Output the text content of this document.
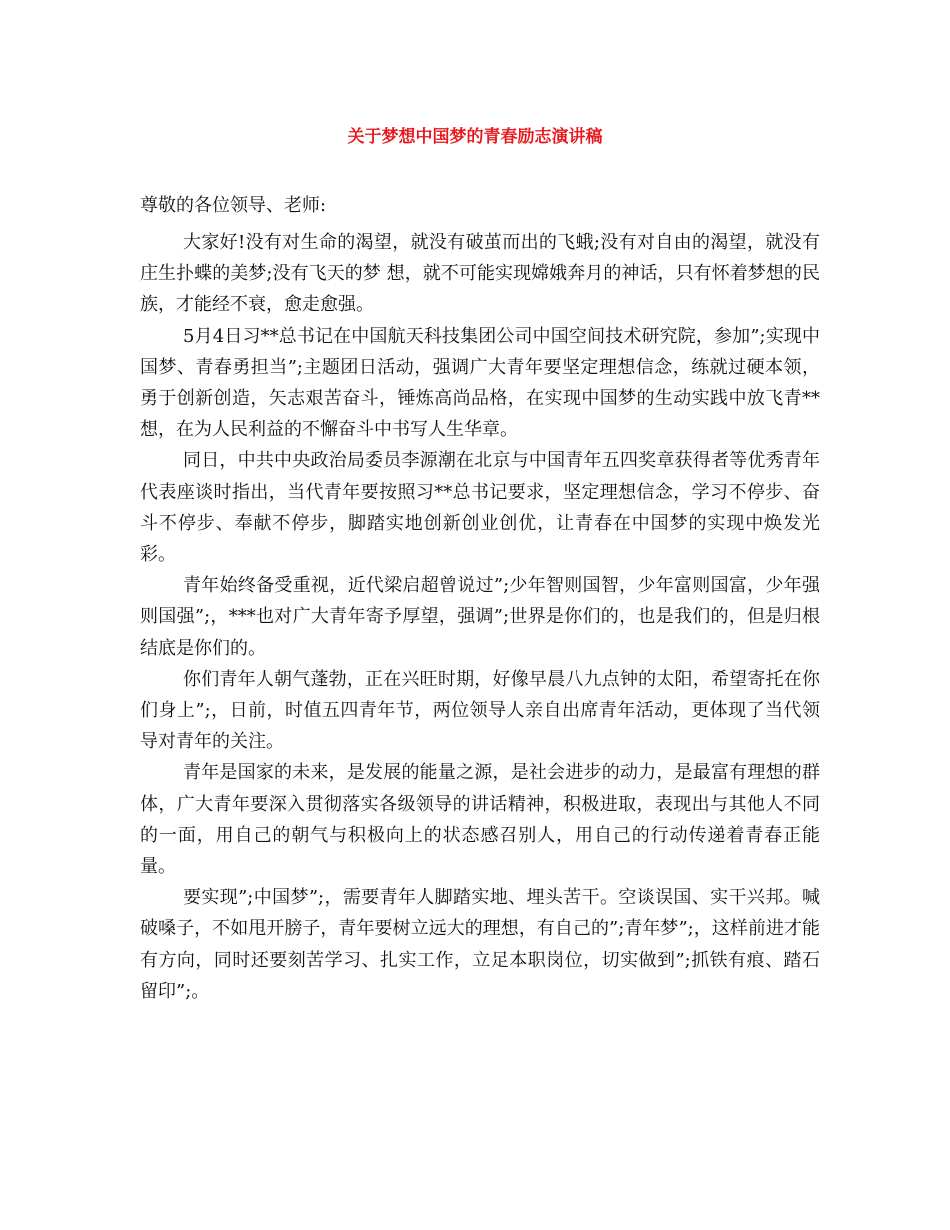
关于梦想中国梦的青春励志演讲稿

尊敬的各位领导、老师:

大家好!没有对生命的渴望，就没有破茧而出的飞蛾;没有对自由的渴望，就没有庄生扑蝶的美梦;没有飞天的梦 想，就不可能实现嫦娥奔月的神话，只有怀着梦想的民族，才能经不衰，愈走愈强。

5月4日习**总书记在中国航天科技集团公司中国空间技术研究院，参加”;实现中国梦、青春勇担当”;主题团日活动，强调广大青年要坚定理想信念，练就过硬本领，勇于创新创造，矢志艰苦奋斗，锤炼高尚品格，在实现中国梦的生动实践中放飞青**想，在为人民利益的不懈奋斗中书写人生华章。

同日，中共中央政治局委员李源潮在北京与中国青年五四奖章获得者等优秀青年代表座谈时指出，当代青年要按照习**总书记要求，坚定理想信念，学习不停步、奋斗不停步、奉献不停步，脚踏实地创新创业创优，让青春在中国梦的实现中焕发光彩。

青年始终备受重视，近代梁启超曾说过”;少年智则国智，少年富则国富，少年强则国强”;，***也对广大青年寄予厚望，强调”;世界是你们的，也是我们的，但是归根结底是你们的。

你们青年人朝气蓬勃，正在兴旺时期，好像早晨八九点钟的太阳，希望寄托在你们身上”;，日前，时值五四青年节，两位领导人亲自出席青年活动，更体现了当代领导对青年的关注。

青年是国家的未来，是发展的能量之源，是社会进步的动力，是最富有理想的群体，广大青年要深入贯彻落实各级领导的讲话精神，积极进取，表现出与其他人不同的一面，用自己的朝气与积极向上的状态感召别人，用自己的行动传递着青春正能量。

要实现”;中国梦”;，需要青年人脚踏实地、埋头苦干。空谈误国、实干兴邦。喊破嗓子，不如甩开膀子，青年要树立远大的理想，有自己的”;青年梦”;，这样前进才能有方向，同时还要刻苦学习、扎实工作，立足本职岗位，切实做到”;抓铁有痕、踏石留印”;。
